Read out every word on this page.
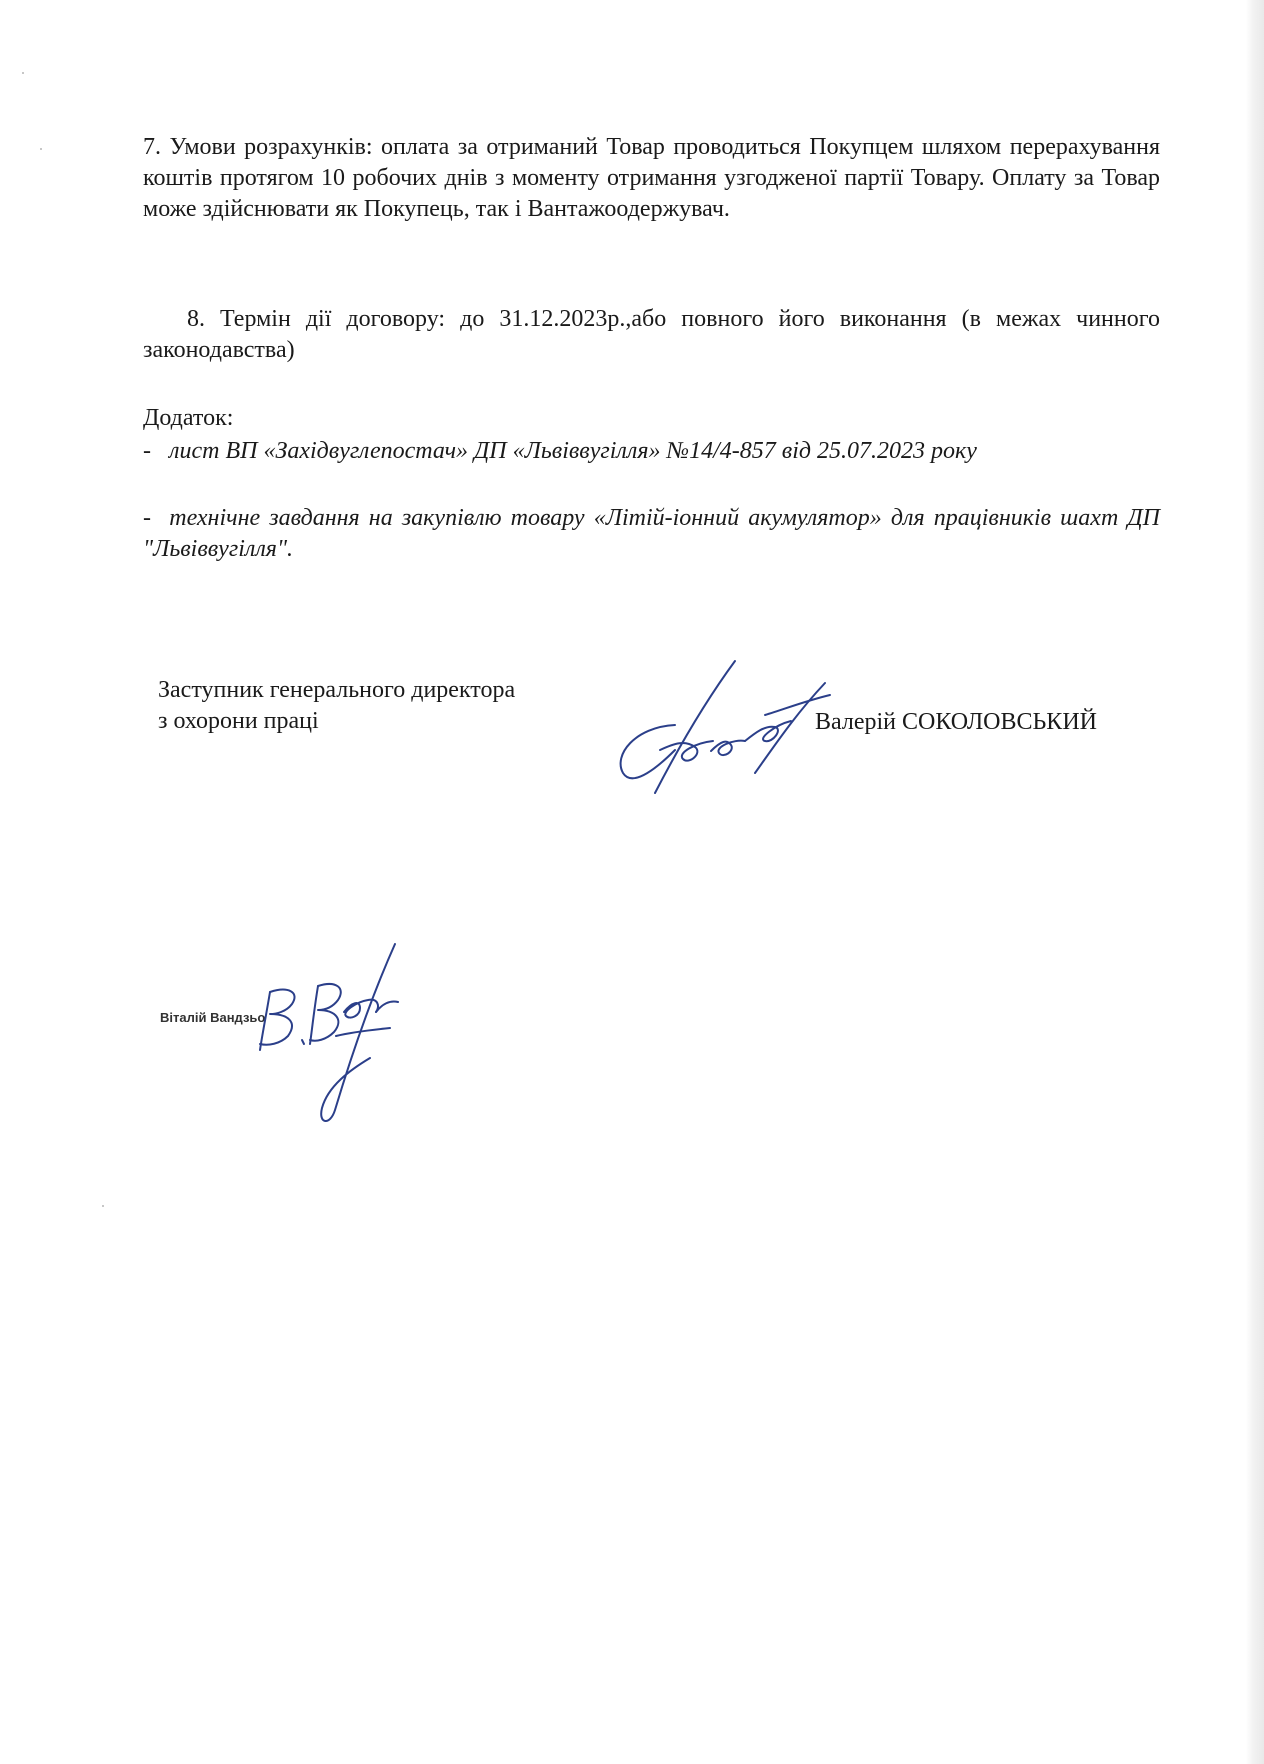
7. Умови розрахунків: оплата за отриманий Товар проводиться Покупцем шляхом перерахування коштів протягом 10 робочих днів з моменту отримання узгодженої партії Товару. Оплату за Товар може здійснювати як Покупець, так і Вантажоодержувач.

8. Термін дії договору: до 31.12.2023р.,або повного його виконання (в межах чинного законодавства)

Додаток:

- лист ВП «Західвуглепостач» ДП «Львіввугілля» №14/4-857 від 25.07.2023 року

- технічне завдання на закупівлю товару «Літій-іонний акумулятор» для працівників шахт ДП "Львіввугілля".

Заступник генерального директора
з охорони праці	Валерій СОКОЛОВСЬКИЙ

Віталій Вандзьо
